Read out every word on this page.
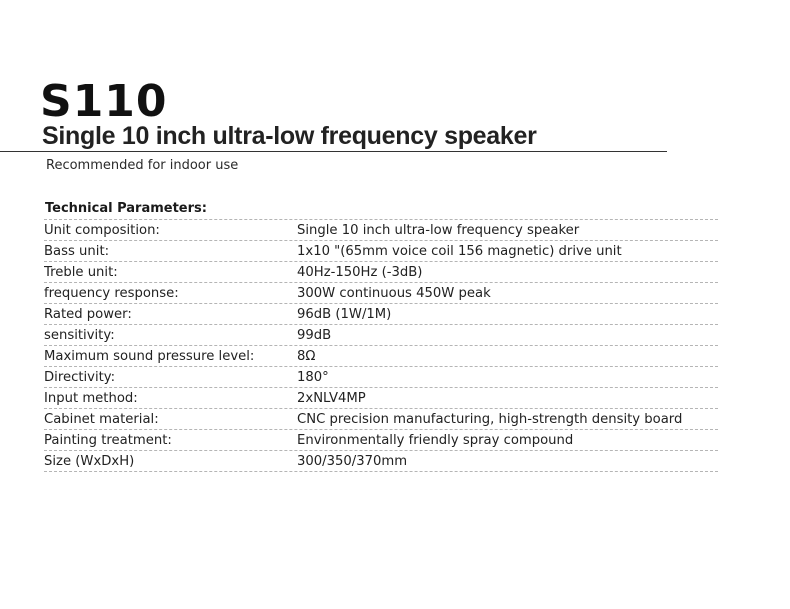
S110
Single 10 inch ultra-low frequency speaker
Recommended for indoor use
Technical Parameters:
Unit composition:	Single 10 inch ultra-low frequency speaker
Bass unit:	1x10 "(65mm voice coil 156 magnetic) drive unit
Treble unit:	40Hz-150Hz (-3dB)
frequency response:	300W continuous 450W peak
Rated power:	96dB (1W/1M)
sensitivity:	99dB
Maximum sound pressure level:	8Ω
Directivity:	180°
Input method:	2xNLV4MP
Cabinet material:	CNC precision manufacturing, high-strength density board
Painting treatment:	Environmentally friendly spray compound
Size (WxDxH)	300/350/370mm
